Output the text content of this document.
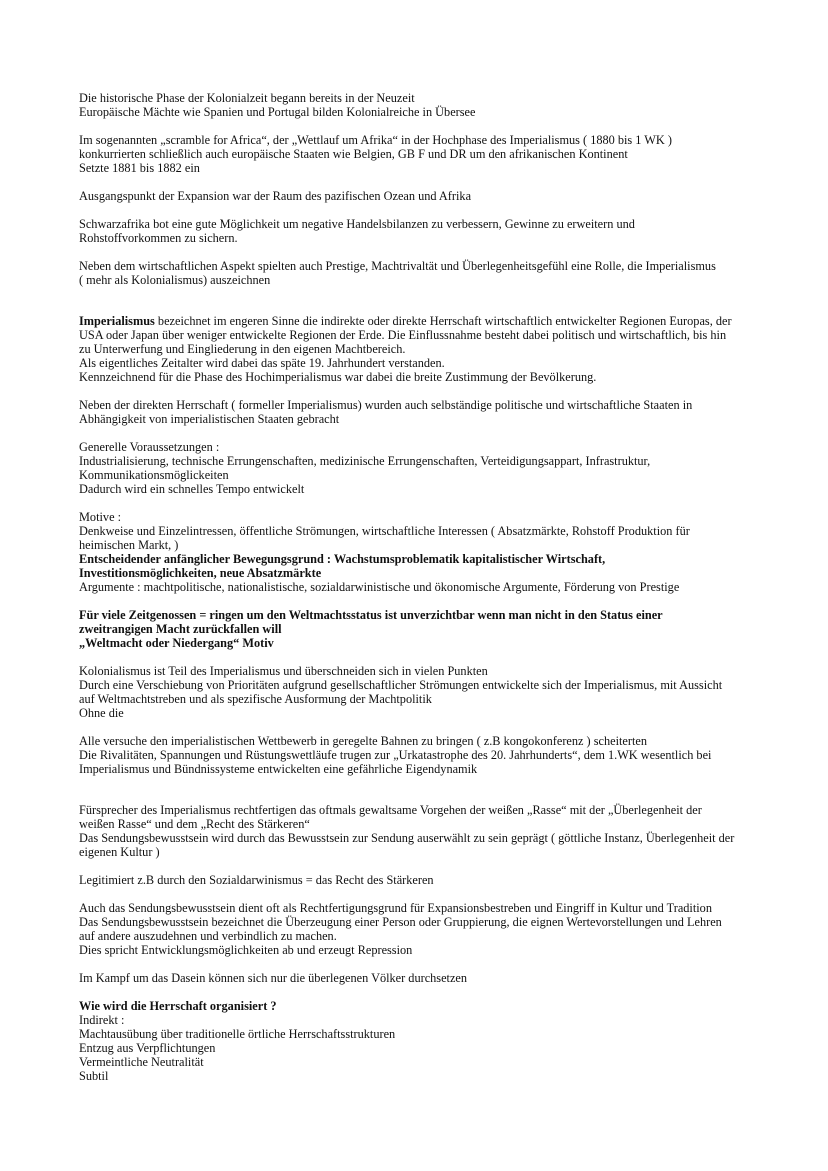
Die historische Phase der Kolonialzeit begann bereits in der Neuzeit

Europäische Mächte wie Spanien und Portugal bilden Kolonialreiche in Übersee

Im sogenannten „scramble for Africa“, der „Wettlauf um Afrika“ in der Hochphase des Imperialismus ( 1880 bis 1 WK )

konkurrierten schließlich auch europäische Staaten wie Belgien, GB F und DR um den afrikanischen Kontinent

Setzte 1881 bis 1882 ein

Ausgangspunkt der Expansion war der Raum des pazifischen Ozean und Afrika

Schwarzafrika bot eine gute Möglichkeit um negative Handelsbilanzen zu verbessern, Gewinne zu erweitern und

Rohstoffvorkommen zu sichern.

Neben dem wirtschaftlichen Aspekt spielten auch Prestige, Machtrivaltät und Überlegenheitsgefühl eine Rolle, die Imperialismus

( mehr als Kolonialismus) auszeichnen

Imperialismus bezeichnet im engeren Sinne die indirekte oder direkte Herrschaft wirtschaftlich entwickelter Regionen Europas, der

USA oder Japan über weniger entwickelte Regionen der Erde. Die Einflussnahme besteht dabei politisch und wirtschaftlich, bis hin

zu Unterwerfung und Eingliederung in den eigenen Machtbereich.

Als eigentliches Zeitalter wird dabei das späte 19. Jahrhundert verstanden.

Kennzeichnend für die Phase des Hochimperialismus war dabei die breite Zustimmung der Bevölkerung.

Neben der direkten Herrschaft ( formeller Imperialismus) wurden auch selbständige politische und wirtschaftliche Staaten in

Abhängigkeit von imperialistischen Staaten gebracht

Generelle Voraussetzungen :

Industrialisierung, technische Errungenschaften, medizinische Errungenschaften, Verteidigungsappart, Infrastruktur,

Kommunikationsmöglickeiten

Dadurch wird ein schnelles Tempo entwickelt

Motive :

Denkweise und Einzelintressen, öffentliche Strömungen, wirtschaftliche Interessen ( Absatzmärkte, Rohstoff Produktion für

heimischen Markt, )

Entscheidender anfänglicher Bewegungsgrund : Wachstumsproblematik kapitalistischer Wirtschaft,

Investitionsmöglichkeiten, neue Absatzmärkte

Argumente : machtpolitische, nationalistische, sozialdarwinistische und ökonomische Argumente, Förderung von Prestige

Für viele Zeitgenossen = ringen um den Weltmachtsstatus ist unverzichtbar wenn man nicht in den Status einer

zweitrangigen Macht zurückfallen will

„Weltmacht oder Niedergang“ Motiv

Kolonialismus ist Teil des Imperialismus und überschneiden sich in vielen Punkten

Durch eine Verschiebung von Prioritäten aufgrund gesellschaftlicher Strömungen entwickelte sich der Imperialismus, mit Aussicht

auf Weltmachtstreben und als spezifische Ausformung der Machtpolitik

Ohne die

Alle versuche den imperialistischen Wettbewerb in geregelte Bahnen zu bringen ( z.B kongokonferenz ) scheiterten

Die Rivalitäten, Spannungen und Rüstungswettläufe trugen zur „Urkatastrophe des 20. Jahrhunderts“, dem 1.WK wesentlich bei

Imperialismus und Bündnissysteme entwickelten eine gefährliche Eigendynamik

Fürsprecher des Imperialismus rechtfertigen das oftmals gewaltsame Vorgehen der weißen „Rasse“ mit der „Überlegenheit der

weißen Rasse“ und dem „Recht des Stärkeren“

Das Sendungsbewusstsein wird durch das Bewusstsein zur Sendung auserwählt zu sein geprägt ( göttliche Instanz, Überlegenheit der

eigenen Kultur )

Legitimiert z.B durch den Sozialdarwinismus = das Recht des Stärkeren

Auch das Sendungsbewusstsein dient oft als Rechtfertigungsgrund für Expansionsbestreben und Eingriff in Kultur und Tradition

Das Sendungsbewusstsein bezeichnet die Überzeugung einer Person oder Gruppierung, die eignen Wertevorstellungen und Lehren

auf andere auszudehnen und verbindlich zu machen.

Dies spricht Entwicklungsmöglichkeiten ab und erzeugt Repression

Im Kampf um das Dasein können sich nur die überlegenen Völker durchsetzen

Wie wird die Herrschaft organisiert ?

Indirekt :

Machtausübung über traditionelle örtliche Herrschaftsstrukturen

Entzug aus Verpflichtungen

Vermeintliche Neutralität

Subtil
